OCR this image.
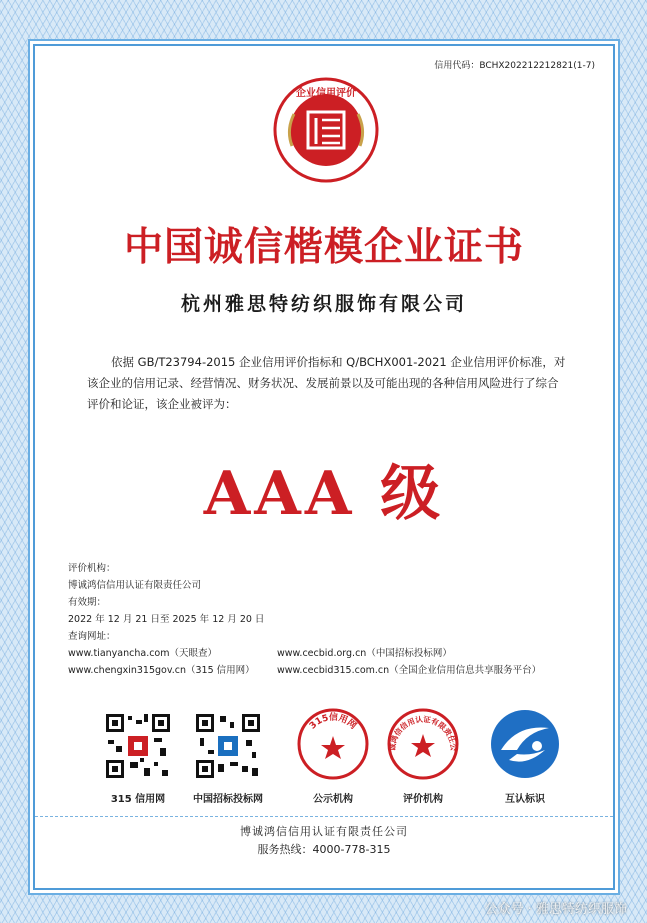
信用代码：BCHX202212212821(1-7)
企业信用评价
中国诚信楷模企业证书
杭州雅思特纺织服饰有限公司
依据 GB/T23794-2015 企业信用评价指标和 Q/BCHX001-2021 企业信用评价标准，对该企业的信用记录、经营情况、财务状况、发展前景以及可能出现的各种信用风险进行了综合评价和论证，该企业被评为：
AAA 级
评价机构：
博诚鸿信信用认证有限责任公司
有效期：
2022 年 12 月 21 日至 2025 年 12 月 20 日
查询网址：
www.tianyancha.com（天眼查）	www.cecbid.org.cn（中国招标投标网）
www.chengxin315gov.cn（315 信用网） www.cecbid315.com.cn（全国企业信用信息共享服务平台）
315 信用网	中国招标投标网
315信用网
公示机构
诚鸿信信用认证有限责任公
评价机构	互认标识
博诚鸿信信用认证有限责任公司
服务热线：4000-778-315
公众号 · 雅思特纺织服饰
